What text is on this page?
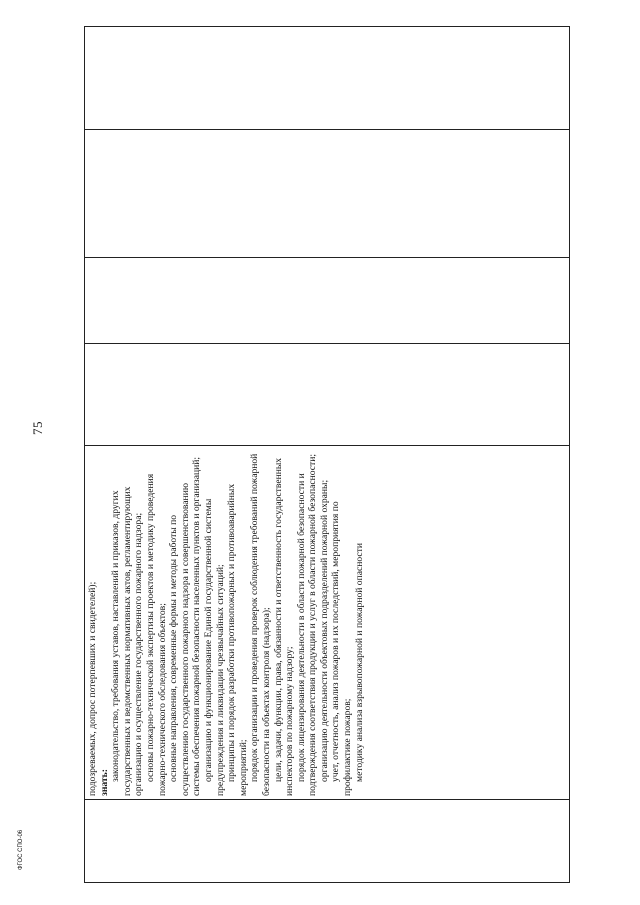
75

подозреваемых, допрос потерпевших и свидетелей); знать:

законодательство, требования уставов, наставлений и приказов, других государственных и ведомственных нормативных актов, регламентирующих организацию и осуществление государственного пожарного надзора; основы пожарно-технической экспертизы проектов и методику проведения пожарно-технического обследования объектов; основные направления, современные формы и методы работы по осуществлению государственного пожарного надзора и совершенствованию системы обеспечения пожарной безопасности населенных пунктов и организаций; организацию и функционирование Единой государственной системы предупреждения и ликвидации чрезвычайных ситуаций; принципы и порядок разработки противопожарных и противоаварийных мероприятий; порядок организации и проведения проверок соблюдения требований пожарной безопасности на объектах контроля (надзора); цели, задачи, функции, права, обязанности и ответственность государственных инспекторов по пожарному надзору; порядок лицензирования деятельности в области пожарной безопасности и подтверждения соответствия продукции и услуг в области пожарной безопасности; организацию деятельности объектовых подразделений пожарной охраны; учет, отчетность, анализ пожаров и их последствий, мероприятия по профилактике пожаров; методику анализа взрывопожарной и пожарной опасности

ФГОС СПО-06
